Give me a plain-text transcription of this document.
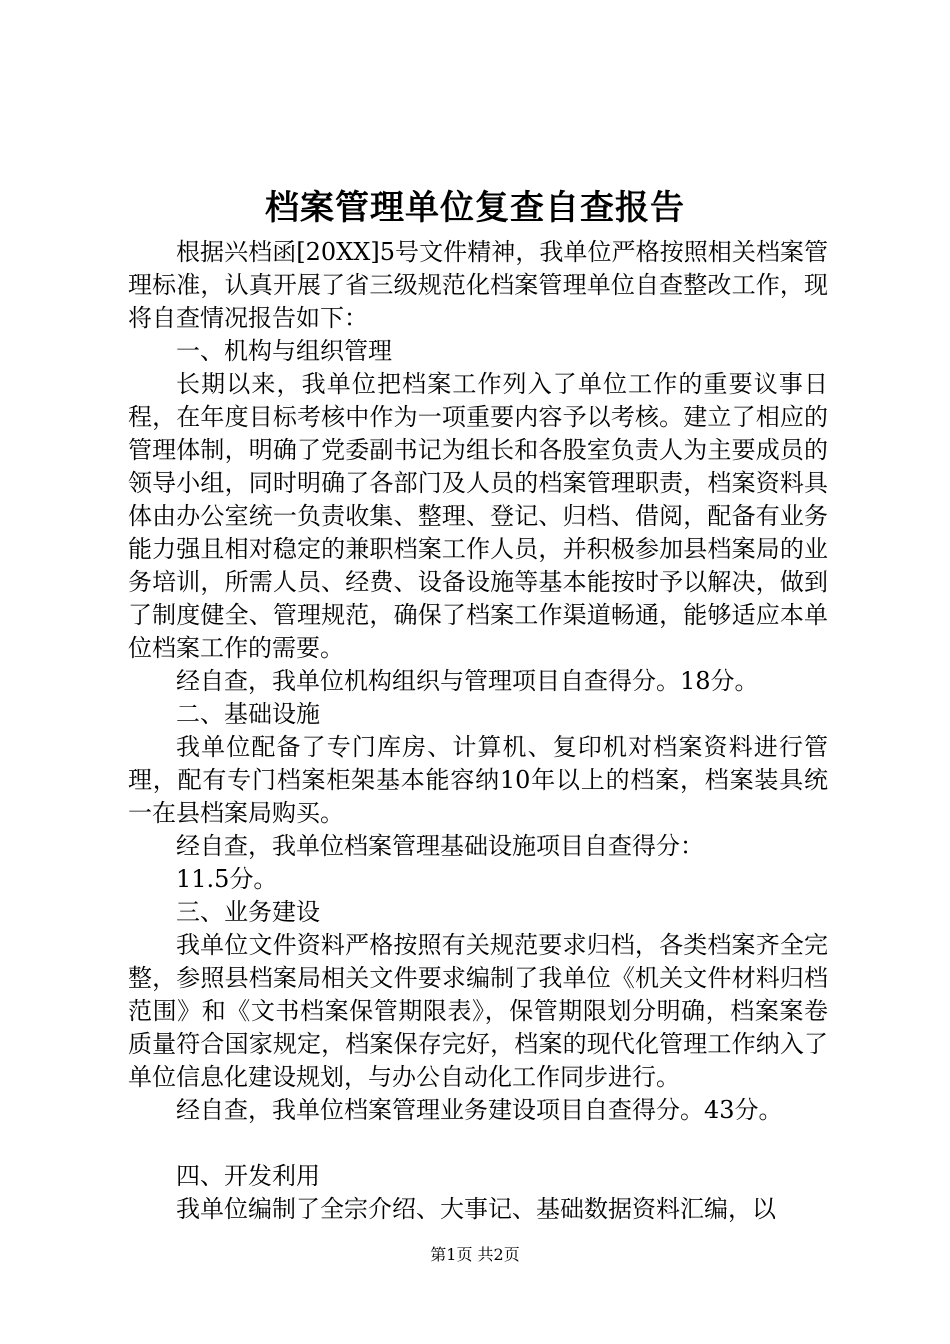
档案管理单位复查自查报告

根据兴档函[20XX]5号文件精神，我单位严格按照相关档案管理标准，认真开展了省三级规范化档案管理单位自查整改工作，现将自查情况报告如下：

一、机构与组织管理

长期以来，我单位把档案工作列入了单位工作的重要议事日程，在年度目标考核中作为一项重要内容予以考核。建立了相应的管理体制，明确了党委副书记为组长和各股室负责人为主要成员的领导小组，同时明确了各部门及人员的档案管理职责，档案资料具体由办公室统一负责收集、整理、登记、归档、借阅，配备有业务能力强且相对稳定的兼职档案工作人员，并积极参加县档案局的业务培训，所需人员、经费、设备设施等基本能按时予以解决，做到了制度健全、管理规范，确保了档案工作渠道畅通，能够适应本单位档案工作的需要。

经自查，我单位机构组织与管理项目自查得分。18分。

二、基础设施

我单位配备了专门库房、计算机、复印机对档案资料进行管理，配有专门档案柜架基本能容纳10年以上的档案，档案装具统一在县档案局购买。

经自查，我单位档案管理基础设施项目自查得分：

11.5分。

三、业务建设

我单位文件资料严格按照有关规范要求归档，各类档案齐全完整，参照县档案局相关文件要求编制了我单位《机关文件材料归档范围》和《文书档案保管期限表》，保管期限划分明确，档案案卷质量符合国家规定，档案保存完好，档案的现代化管理工作纳入了单位信息化建设规划，与办公自动化工作同步进行。

经自查，我单位档案管理业务建设项目自查得分。43分。

四、开发利用

我单位编制了全宗介绍、大事记、基础数据资料汇编，以

第1页 共2页
